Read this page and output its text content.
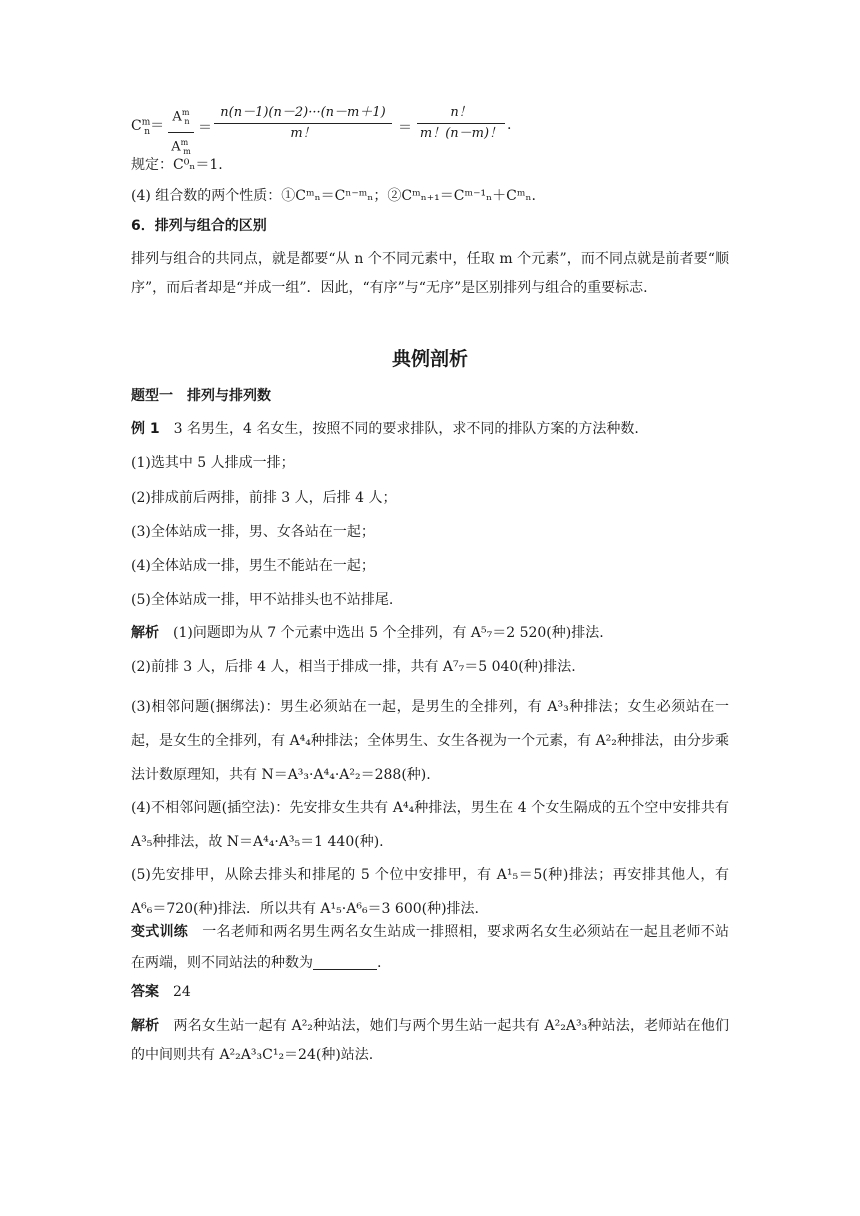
$C^m_n=$
$A^m_n$
$A^m_m$
＝
n(n－1)(n－2)···(n－m＋1)
m！	＝
n！
m！(n－m)！
.
规定：C⁰ₙ＝1.
(4) 组合数的两个性质：①Cᵐₙ＝Cⁿ⁻ᵐₙ；②Cᵐₙ₊₁＝Cᵐ⁻¹ₙ＋Cᵐₙ.
6．排列与组合的区别
排列与组合的共同点，就是都要“从 n 个不同元素中，任取 m 个元素”，而不同点就是前者要“顺序”，而后者却是“并成一组”．因此，“有序”与“无序”是区别排列与组合的重要标志.
典例剖析
题型一　排列与排列数
例 1 3 名男生，4 名女生，按照不同的要求排队，求不同的排队方案的方法种数.
(1)选其中 5 人排成一排；
(2)排成前后两排，前排 3 人，后排 4 人；
(3)全体站成一排，男、女各站在一起；
(4)全体站成一排，男生不能站在一起；
(5)全体站成一排，甲不站排头也不站排尾.
解析 (1)问题即为从 7 个元素中选出 5 个全排列，有 A⁵₇＝2 520(种)排法.
(2)前排 3 人，后排 4 人，相当于排成一排，共有 A⁷₇＝5 040(种)排法.
(3)相邻问题(捆绑法)：男生必须站在一起，是男生的全排列，有 A³₃种排法；女生必须站在一起，是女生的全排列，有 A⁴₄种排法；全体男生、女生各视为一个元素，有 A²₂种排法，由分步乘法计数原理知，共有 N＝A³₃·A⁴₄·A²₂＝288(种).
(4)不相邻问题(插空法)：先安排女生共有 A⁴₄种排法，男生在 4 个女生隔成的五个空中安排共有 A³₅种排法，故 N＝A⁴₄·A³₅＝1 440(种).
(5)先安排甲，从除去排头和排尾的 5 个位中安排甲，有 A¹₅＝5(种)排法；再安排其他人，有 A⁶₆＝720(种)排法．所以共有 A¹₅·A⁶₆＝3 600(种)排法.
变式训练 一名老师和两名男生两名女生站成一排照相，要求两名女生必须站在一起且老师不站在两端，则不同站法的种数为	.
答案 24
解析 两名女生站一起有 A²₂种站法，她们与两个男生站一起共有 A²₂A³₃种站法，老师站在他们的中间则共有 A²₂A³₃C¹₂＝24(种)站法.
